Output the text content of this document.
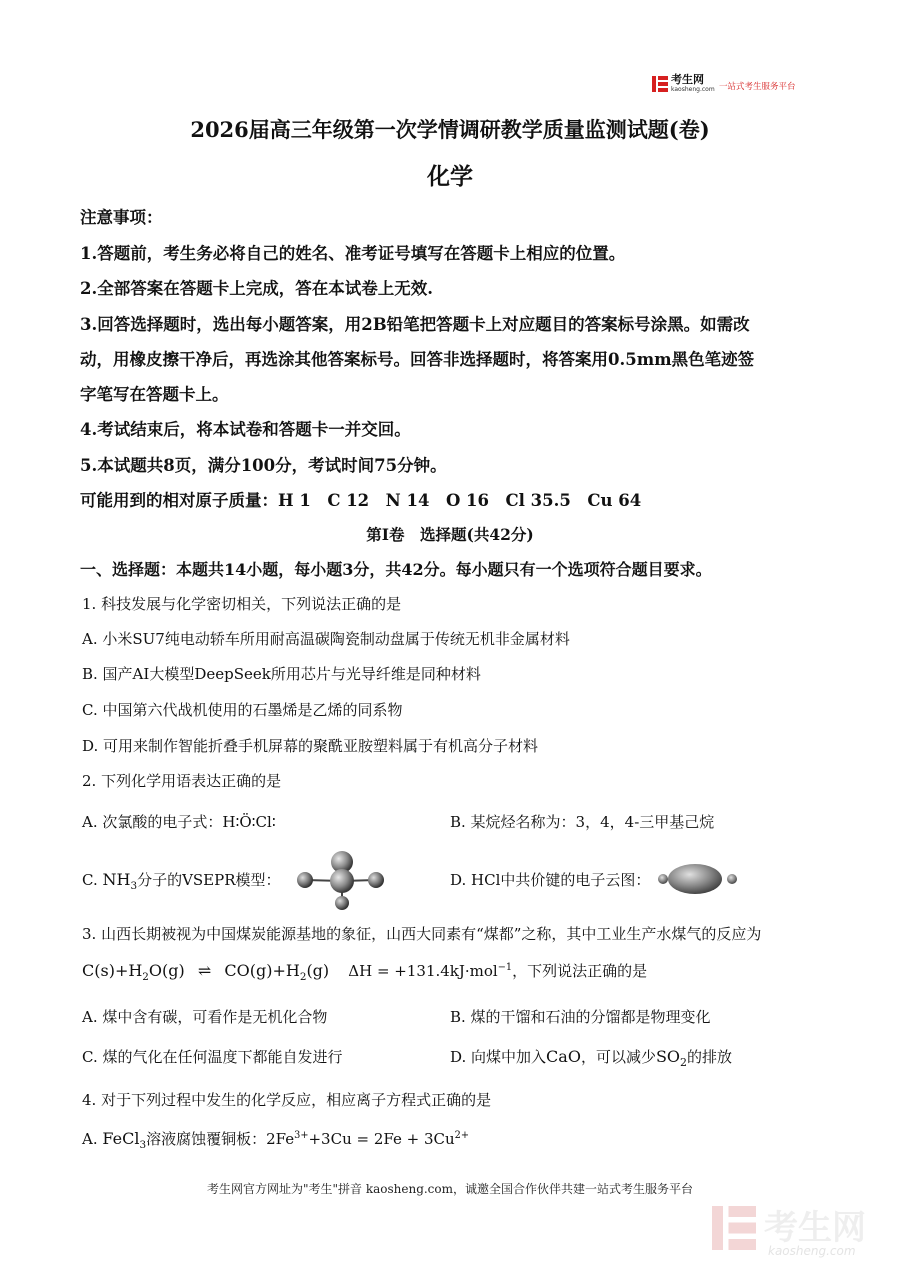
考生网
kaosheng.com 一站式考生服务平台
2026届高三年级第一次学情调研教学质量监测试题(卷)
化学
注意事项：
1.答题前，考生务必将自己的姓名、准考证号填写在答题卡上相应的位置。
2.全部答案在答题卡上完成，答在本试卷上无效.
3.回答选择题时，选出每小题答案，用2B铅笔把答题卡上对应题目的答案标号涂黑。如需改
动，用橡皮擦干净后，再选涂其他答案标号。回答非选择题时，将答案用0.5mm黑色笔迹签
字笔写在答题卡上。
4.考试结束后，将本试卷和答题卡一并交回。
5.本试题共8页，满分100分，考试时间75分钟。
可能用到的相对原子质量：H 1　C 12　N 14　O 16　Cl 35.5　Cu 64
第Ⅰ卷　选择题(共42分)
一、选择题：本题共14小题，每小题3分，共42分。每小题只有一个选项符合题目要求。
1. 科技发展与化学密切相关，下列说法正确的是
A. 小米SU7纯电动轿车所用耐高温碳陶瓷制动盘属于传统无机非金属材料
B. 国产AI大模型DeepSeek所用芯片与光导纤维是同种材料
C. 中国第六代战机使用的石墨烯是乙烯的同系物
D. 可用来制作智能折叠手机屏幕的聚酰亚胺塑料属于有机高分子材料
2. 下列化学用语表达正确的是
A. 次氯酸的电子式：H∶Ö∶Cl∶	B. 某烷烃名称为：3，4，4-三甲基己烷
C. $NH_3$分子的VSEPR模型：	D. HCl中共价键的电子云图：
3. 山西长期被视为中国煤炭能源基地的象征，山西大同素有“煤都”之称，其中工业生产水煤气的反应为
$C(s)+H_2O(g)$ ⇌ $CO(g)+H_2(g) \Delta H = +131.4kJ\cdot mol^{-1}$，下列说法正确的是
A. 煤中含有碳，可看作是无机化合物	B. 煤的干馏和石油的分馏都是物理变化
C. 煤的气化在任何温度下都能自发进行	D. 向煤中加入CaO，可以减少$SO_2$的排放
4. 对于下列过程中发生的化学反应，相应离子方程式正确的是
A. FeCl$_3$溶液腐蚀覆铜板：$2Fe^{3+}+3Cu = 2Fe + 3Cu^{2+}$
考生网官方网址为"考生"拼音 kaosheng.com，诚邀全国合作伙伴共建一站式考生服务平台
考生网
kaosheng.com
